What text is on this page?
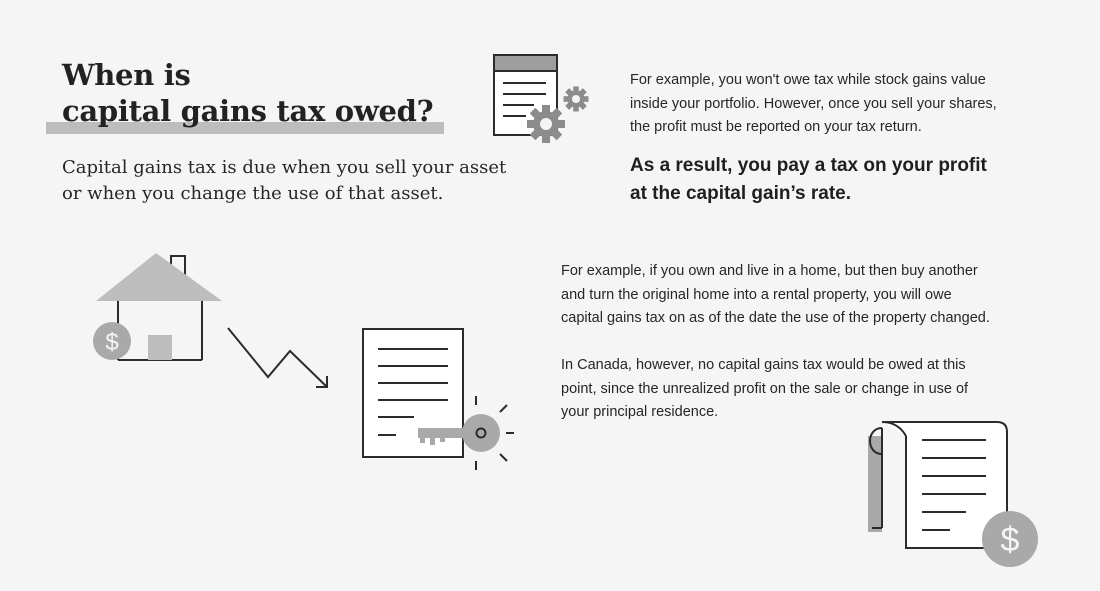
When is
capital gains tax owed?

Capital gains tax is due when you sell your asset
or when you change the use of that asset.

For example, you won't owe tax while stock gains value
inside your portfolio. However, once you sell your shares,
the profit must be reported on your tax return.

As a result, you pay a tax on your profit
at the capital gain’s rate.

$

For example, if you own and live in a home, but then buy another
and turn the original home into a rental property, you will owe
capital gains tax on as of the date the use of the property changed.

In Canada, however, no capital gains tax would be owed at this
point, since the unrealized profit on the sale or change in use of
your principal residence.

$
